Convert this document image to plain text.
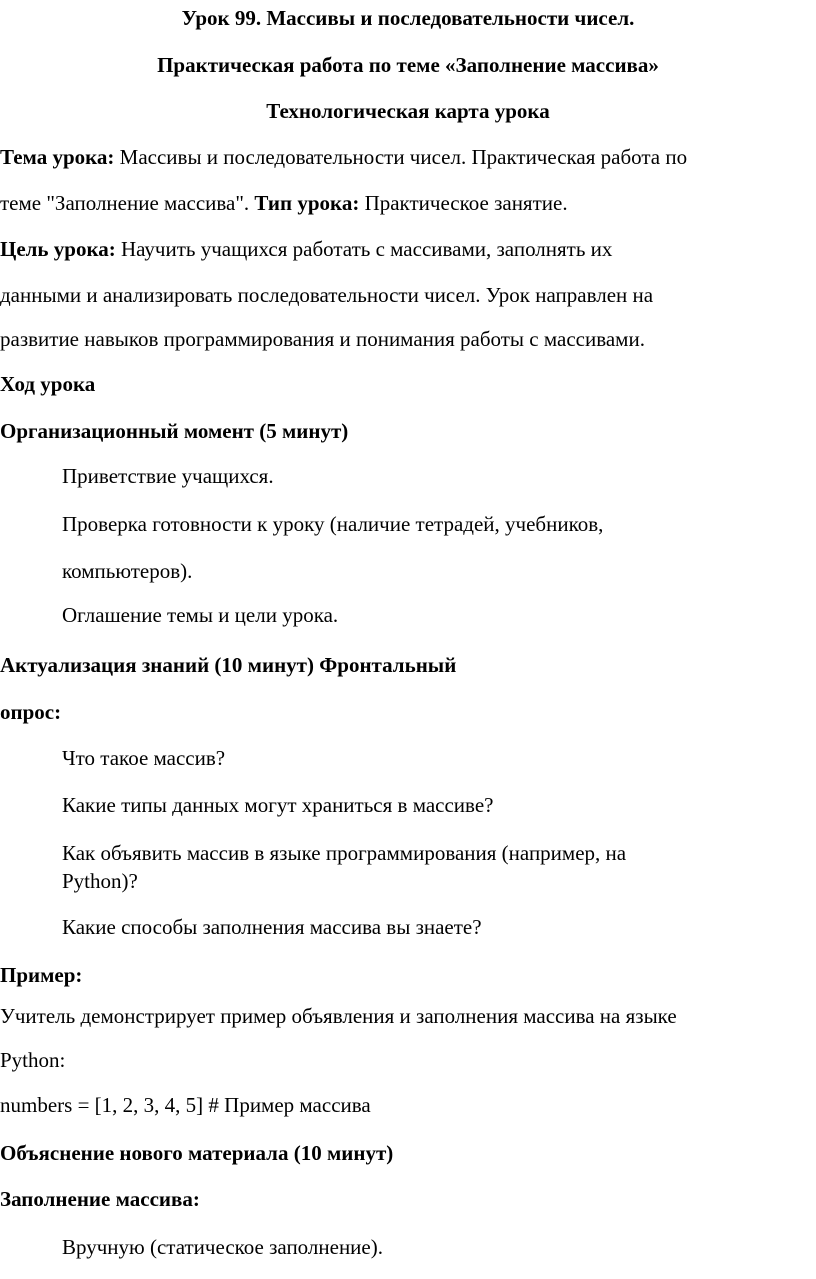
Урок 99. Массивы и последовательности чисел.
Практическая работа по теме «Заполнение массива»
Технологическая карта урока
Тема урока: Массивы и последовательности чисел. Практическая работа по
теме "Заполнение массива". Тип урока: Практическое занятие.
Цель урока: Научить учащихся работать с массивами, заполнять их
данными и анализировать последовательности чисел. Урок направлен на
развитие навыков программирования и понимания работы с массивами.
Ход урока
Организационный момент (5 минут)
Приветствие учащихся.
Проверка готовности к уроку (наличие тетрадей, учебников,
компьютеров).
Оглашение темы и цели урока.
Актуализация знаний (10 минут) Фронтальный
опрос:
Что такое массив?
Какие типы данных могут храниться в массиве?
Как объявить массив в языке программирования (например, на
Python)?
Какие способы заполнения массива вы знаете?
Пример:
Учитель демонстрирует пример объявления и заполнения массива на языке
Python:
numbers = [1, 2, 3, 4, 5] # Пример массива
Объяснение нового материала (10 минут)
Заполнение массива:
Вручную (статическое заполнение).
